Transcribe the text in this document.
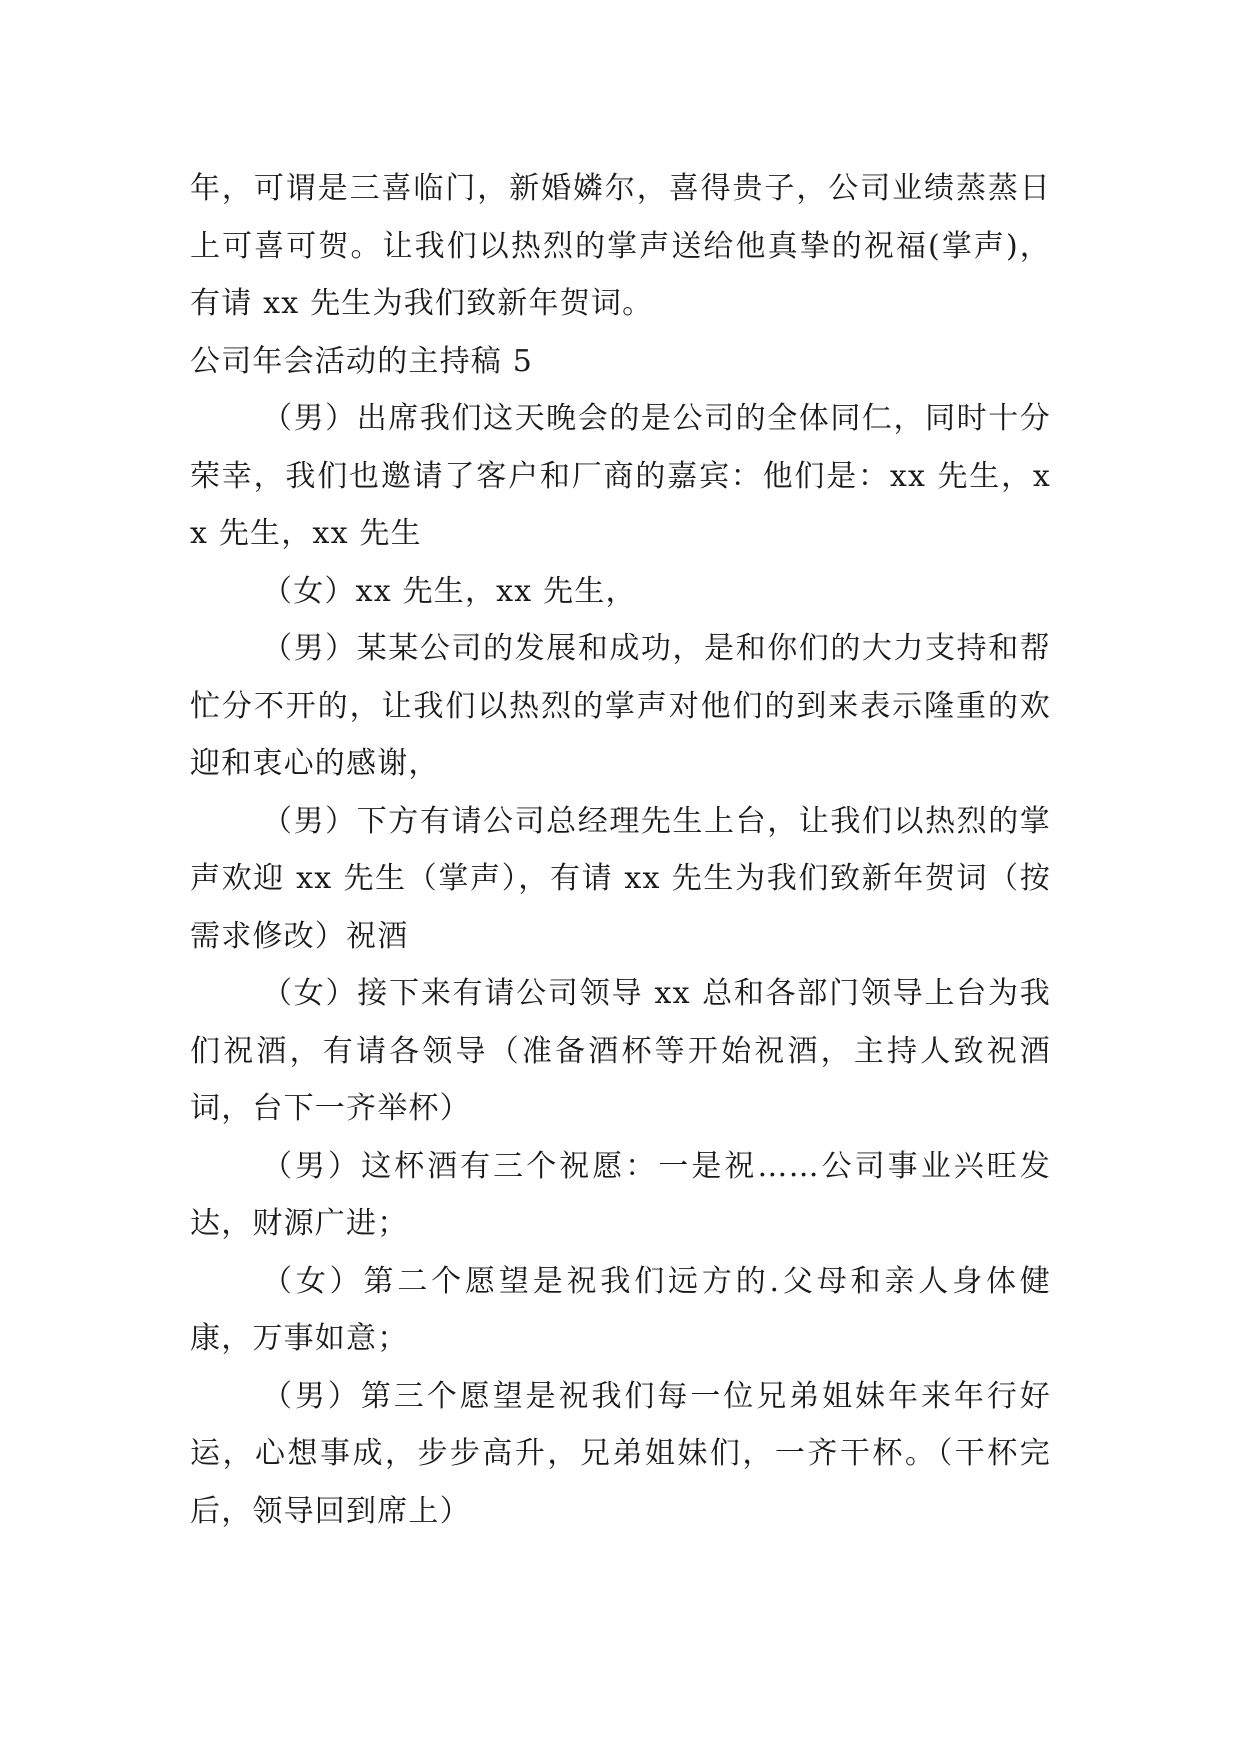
年，可谓是三喜临门，新婚嫾尔，喜得贵子，公司业绩蒸蒸日上可喜可贺。让我们以热烈的掌声送给他真挚的祝福(掌声)，有请 xx 先生为我们致新年贺词。

公司年会活动的主持稿 5

（男）出席我们这天晚会的是公司的全体同仁，同时十分荣幸，我们也邀请了客户和厂商的嘉宾：他们是：xx 先生，xx 先生，xx 先生

（女）xx 先生，xx 先生，

（男）某某公司的发展和成功，是和你们的大力支持和帮忙分不开的，让我们以热烈的掌声对他们的到来表示隆重的欢迎和衷心的感谢，

（男）下方有请公司总经理先生上台，让我们以热烈的掌声欢迎 xx 先生（掌声），有请 xx 先生为我们致新年贺词（按需求修改）祝酒

（女）接下来有请公司领导 xx 总和各部门领导上台为我们祝酒，有请各领导（准备酒杯等开始祝酒，主持人致祝酒词，台下一齐举杯）

（男）这杯酒有三个祝愿：一是祝……公司事业兴旺发达，财源广进；

（女）第二个愿望是祝我们远方的.父母和亲人身体健康，万事如意；

（男）第三个愿望是祝我们每一位兄弟姐妹年来年行好运，心想事成，步步高升，兄弟姐妹们，一齐干杯。（干杯完后，领导回到席上）
